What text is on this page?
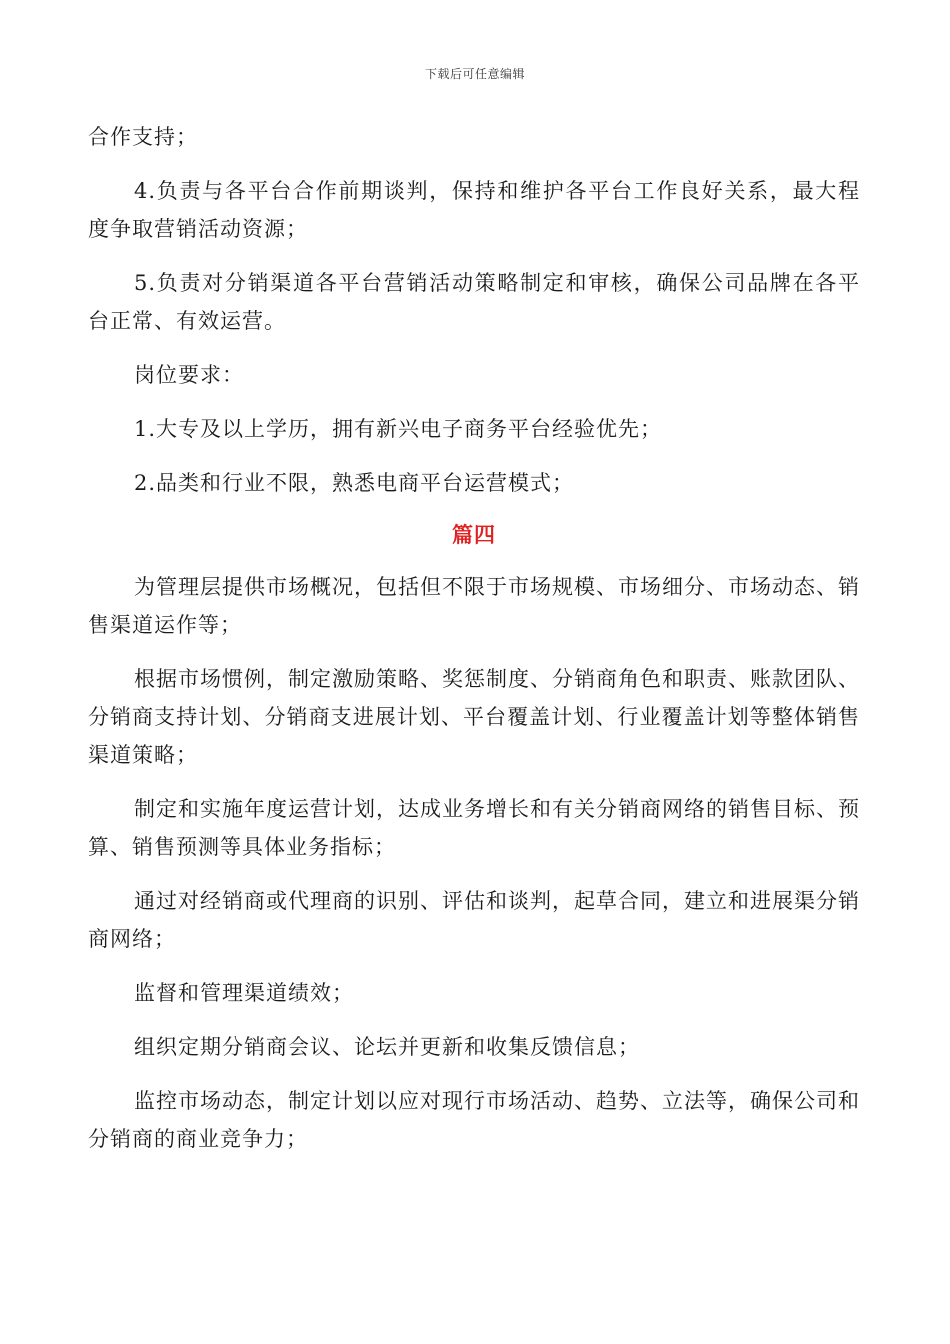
下载后可任意编辑

合作支持；

4.负责与各平台合作前期谈判，保持和维护各平台工作良好关系，最大程度争取营销活动资源；

5.负责对分销渠道各平台营销活动策略制定和审核，确保公司品牌在各平台正常、有效运营。

岗位要求：

1.大专及以上学历，拥有新兴电子商务平台经验优先；

2.品类和行业不限，熟悉电商平台运营模式；

篇四

为管理层提供市场概况，包括但不限于市场规模、市场细分、市场动态、销售渠道运作等；

根据市场惯例，制定激励策略、奖惩制度、分销商角色和职责、账款团队、分销商支持计划、分销商支进展计划、平台覆盖计划、行业覆盖计划等整体销售渠道策略；

制定和实施年度运营计划，达成业务增长和有关分销商网络的销售目标、预算、销售预测等具体业务指标；

通过对经销商或代理商的识别、评估和谈判，起草合同，建立和进展渠分销商网络；

监督和管理渠道绩效；

组织定期分销商会议、论坛并更新和收集反馈信息；

监控市场动态，制定计划以应对现行市场活动、趋势、立法等，确保公司和分销商的商业竞争力；
